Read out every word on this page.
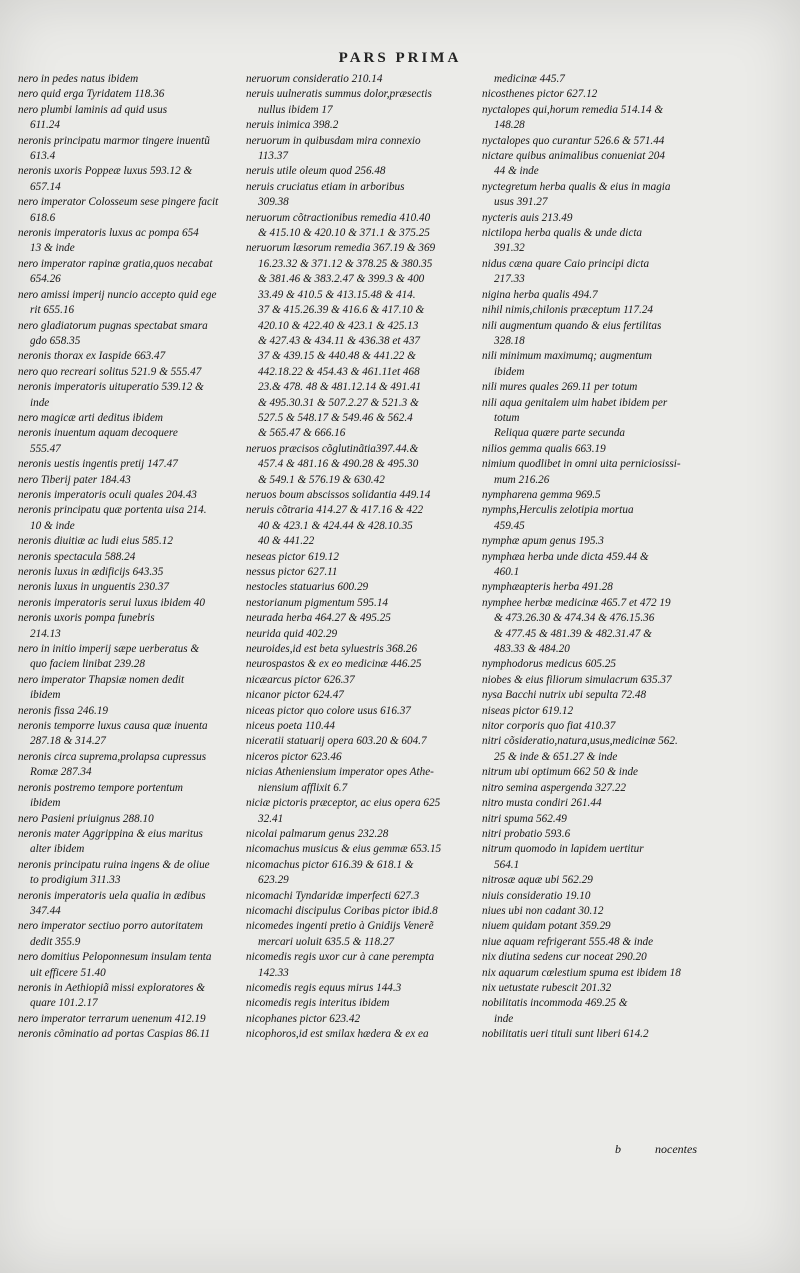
PARS PRIMA
nero in pedes natus ibidem
nero quid erga Tyridatem 118.36
nero plumbi laminis ad quid usus
611.24
neronis principatu marmor tingere inuentũ
613.4
neronis uxoris Poppeæ luxus 593.12 &
657.14
nero imperator Colosseum sese pingere facit
618.6
neronis imperatoris luxus ac pompa 654
13 & inde
nero imperator rapinæ gratia,quos necabat
654.26
nero amissi imperij nuncio accepto quid ege
rit 655.16
nero gladiatorum pugnas spectabat smara
gdo 658.35
neronis thorax ex Iaspide 663.47
nero quo recreari solitus 521.9 & 555.47
neronis imperatoris uituperatio 539.12 &
inde
nero magicæ arti deditus ibidem
neronis inuentum aquam decoquere
555.47
neronis uestis ingentis pretij 147.47
nero Tiberij pater 184.43
neronis imperatoris oculi quales 204.43
neronis principatu quæ portenta uisa 214.
10 & inde
neronis diuitiæ ac ludi eius 585.12
neronis spectacula 588.24
neronis luxus in ædificijs 643.35
neronis luxus in unguentis 230.37
neronis imperatoris serui luxus ibidem 40
neronis uxoris pompa funebris
214.13
nero in initio imperij sæpe uerberatus &
quo faciem linibat 239.28
nero imperator Thapsiæ nomen dedit
ibidem
neronis fissa 246.19
neronis temporre luxus causa quæ inuenta
287.18 & 314.27
neronis circa suprema,prolapsa cupressus
Romæ 287.34
neronis postremo tempore portentum
ibidem
nero Pasieni priuignus 288.10
neronis mater Aggrippina & eius maritus
alter ibidem
neronis principatu ruina ingens & de oliue
to prodigium 311.33
neronis imperatoris uela qualia in ædibus
347.44
nero imperator sectiuo porro autoritatem
dedit 355.9
nero domitius Peloponnesum insulam tenta
uit efficere 51.40
neronis in Aethiopiã missi exploratores &
quare 101.2.17
nero imperator terrarum uenenum 412.19
neronis cõminatio ad portas Caspias 86.11
neruorum consideratio 210.14
neruis uulneratis summus dolor,præsectis
nullus ibidem 17
neruis inimica 398.2
neruorum in quibusdam mira connexio
113.37
neruis utile oleum quod 256.48
neruis cruciatus etiam in arboribus
309.38
neruorum cõtractionibus remedia 410.40
& 415.10 & 420.10 & 371.1 & 375.25
neruorum læsorum remedia 367.19 & 369
16.23.32 & 371.12 & 378.25 & 380.35
& 381.46 & 383.2.47 & 399.3 & 400
33.49 & 410.5 & 413.15.48 & 414.
37 & 415.26.39 & 416.6 & 417.10 &
420.10 & 422.40 & 423.1 & 425.13
& 427.43 & 434.11 & 436.38 et 437
37 & 439.15 & 440.48 & 441.22 &
442.18.22 & 454.43 & 461.11et 468
23.& 478. 48 & 481.12.14 & 491.41
& 495.30.31 & 507.2.27 & 521.3 &
527.5 & 548.17 & 549.46 & 562.4
& 565.47 & 666.16
neruos præcisos cõglutinãtia397.44.&
457.4 & 481.16 & 490.28 & 495.30
& 549.1 & 576.19 & 630.42
neruos boum abscissos solidantia 449.14
neruis cõtraria 414.27 & 417.16 & 422
40 & 423.1 & 424.44 & 428.10.35
40 & 441.22
neseas pictor 619.12
nessus pictor 627.11
nestocles statuarius 600.29
nestorianum pigmentum 595.14
neurada herba 464.27 & 495.25
neurida quid 402.29
neuroides,id est beta syluestris 368.26
neurospastos & ex eo medicinæ 446.25
nicæarcus pictor 626.37
nicanor pictor 624.47
niceas pictor quo colore usus 616.37
niceus poeta 110.44
niceratii statuarij opera 603.20 & 604.7
niceros pictor 623.46
nicias Atheniensium imperator opes Athe-
niensium afflixit 6.7
niciæ pictoris præceptor, ac eius opera 625
32.41
nicolai palmarum genus 232.28
nicomachus musicus & eius gemmæ 653.15
nicomachus pictor 616.39 & 618.1 &
623.29
nicomachi Tyndaridæ imperfecti 627.3
nicomachi discipulus Coribas pictor ibid.8
nicomedes ingenti pretio à Gnidijs Venerẽ
mercari uoluit 635.5 & 118.27
nicomedis regis uxor cur à cane perempta
142.33
nicomedis regis equus mirus 144.3
nicomedis regis interitus ibidem
nicophanes pictor 623.42
nicophoros,id est smilax hædera & ex ea
medicinæ 445.7
nicosthenes pictor 627.12
nyctalopes qui,horum remedia 514.14 &
148.28
nyctalopes quo curantur 526.6 & 571.44
nictare quibus animalibus conueniat 204
44 & inde
nyctegretum herba qualis & eius in magia
usus 391.27
nycteris auis 213.49
nictilopa herba qualis & unde dicta
391.32
nidus cæna quare Caio principi dicta
217.33
nigina herba qualis 494.7
nihil nimis,chilonis præceptum 117.24
nili augmentum quando & eius fertilitas
328.18
nili minimum maximumq; augmentum
ibidem
nili mures quales 269.11 per totum
nili aqua genitalem uim habet ibidem per
totum
Reliqua quære parte secunda
nilios gemma qualis 663.19
nimium quodlibet in omni uita perniciosissi-
mum 216.26
nympharena gemma 969.5
nymphs,Herculis zelotipia mortua
459.45
nymphæ apum genus 195.3
nymphæa herba unde dicta 459.44 &
460.1
nymphæapteris herba 491.28
nymphee herbæ medicinæ 465.7 et 472 19
& 473.26.30 & 474.34 & 476.15.36
& 477.45 & 481.39 & 482.31.47 &
483.33 & 484.20
nymphodorus medicus 605.25
niobes & eius filiorum simulacrum 635.37
nysa Bacchi nutrix ubi sepulta 72.48
niseas pictor 619.12
nitor corporis quo fiat 410.37
nitri cõsideratio,natura,usus,medicinæ 562.
25 & inde & 651.27 & inde
nitrum ubi optimum 662 50 & inde
nitro semina aspergenda 327.22
nitro musta condiri 261.44
nitri spuma 562.49
nitri probatio 593.6
nitrum quomodo in lapidem uertitur
564.1
nitrosæ aquæ ubi 562.29
niuis consideratio 19.10
niues ubi non cadant 30.12
niuem quidam potant 359.29
niue aquam refrigerant 555.48 & inde
nix diutina sedens cur noceat 290.20
nix aquarum cœlestium spuma est ibidem 18
nix uetustate rubescit 201.32
nobilitatis incommoda 469.25 &
inde
nobilitatis ueri tituli sunt liberi 614.2
b	nocentes
